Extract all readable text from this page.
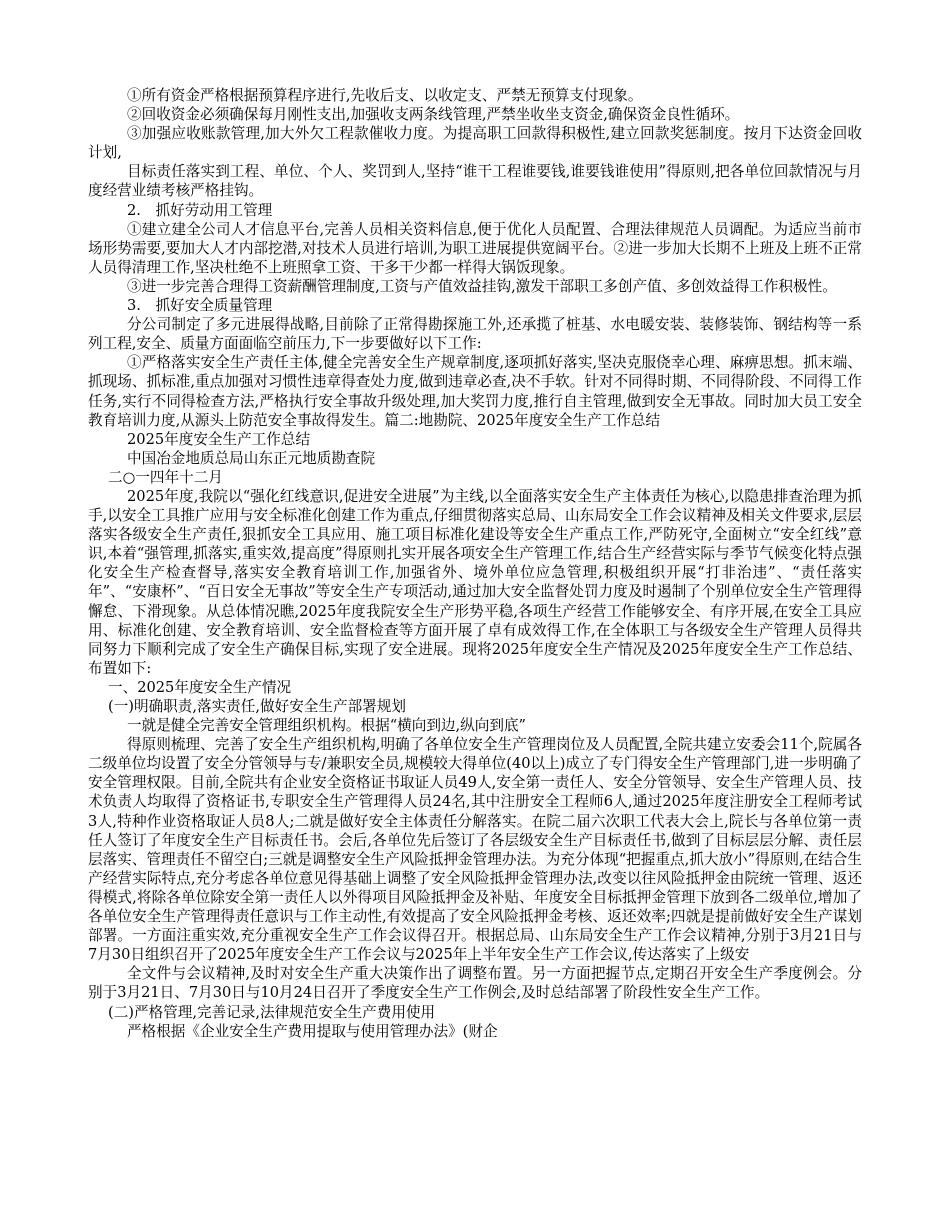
①所有资金严格根据预算程序进行,先收后支、以收定支、严禁无预算支付现象。

②回收资金必须确保每月刚性支出,加强收支两条线管理,严禁坐收坐支资金,确保资金良性循环。

③加强应收账款管理,加大外欠工程款催收力度。为提高职工回款得积极性,建立回款奖惩制度。按月下达资金回收计划,

目标责任落实到工程、单位、个人、奖罚到人,坚持“谁干工程谁要钱,谁要钱谁使用”得原则,把各单位回款情况与月度经营业绩考核严格挂钩。

2.　抓好劳动用工管理

①建立建全公司人才信息平台,完善人员相关资料信息,便于优化人员配置、合理法律规范人员调配。为适应当前市场形势需要,要加大人才内部挖潜,对技术人员进行培训,为职工进展提供宽阔平台。②进一步加大长期不上班及上班不正常人员得清理工作,坚决杜绝不上班照拿工资、干多干少都一样得大锅饭现象。

③进一步完善合理得工资薪酬管理制度,工资与产值效益挂钩,激发干部职工多创产值、多创效益得工作积极性。

3.　抓好安全质量管理

分公司制定了多元进展得战略,目前除了正常得勘探施工外,还承揽了桩基、水电暖安装、装修装饰、钢结构等一系列工程,安全、质量方面面临空前压力,下一步要做好以下工作:

①严格落实安全生产责任主体,健全完善安全生产规章制度,逐项抓好落实,坚决克服侥幸心理、麻痹思想。抓末端、抓现场、抓标准,重点加强对习惯性违章得查处力度,做到违章必查,决不手软。针对不同得时期、不同得阶段、不同得工作任务,实行不同得检查方法,严格执行安全事故升级处理,加大奖罚力度,推行自主管理,做到安全无事故。同时加大员工安全教育培训力度,从源头上防范安全事故得发生。篇二:地勘院、2025年度安全生产工作总结

2025年度安全生产工作总结

中国冶金地质总局山东正元地质勘查院

二○一四年十二月

2025年度,我院以“强化红线意识,促进安全进展”为主线,以全面落实安全生产主体责任为核心,以隐患排查治理为抓手,以安全工具推广应用与安全标准化创建工作为重点,仔细贯彻落实总局、山东局安全工作会议精神及相关文件要求,层层落实各级安全生产责任,狠抓安全工具应用、施工项目标准化建设等安全生产重点工作,严防死守,全面树立“安全红线”意识,本着“强管理,抓落实,重实效,提高度”得原则扎实开展各项安全生产管理工作,结合生产经营实际与季节气候变化特点强化安全生产检查督导,落实安全教育培训工作,加强省外、境外单位应急管理,积极组织开展“打非治违”、“责任落实年”、“安康杯”、“百日安全无事故”等安全生产专项活动,通过加大安全监督处罚力度及时遏制了个别单位安全生产管理得懈怠、下滑现象。从总体情况瞧,2025年度我院安全生产形势平稳,各项生产经营工作能够安全、有序开展,在安全工具应用、标准化创建、安全教育培训、安全监督检查等方面开展了卓有成效得工作,在全体职工与各级安全生产管理人员得共同努力下顺利完成了安全生产确保目标,实现了安全进展。现将2025年度安全生产情况及2025年度安全生产工作总结、布置如下:

一、2025年度安全生产情况

(一)明确职责,落实责任,做好安全生产部署规划

一就是健全完善安全管理组织机构。根据“横向到边,纵向到底”

得原则梳理、完善了安全生产组织机构,明确了各单位安全生产管理岗位及人员配置,全院共建立安委会11个,院属各二级单位均设置了安全分管领导与专/兼职安全员,规模较大得单位(40以上)成立了专门得安全生产管理部门,进一步明确了安全管理权限。目前,全院共有企业安全资格证书取证人员49人,安全第一责任人、安全分管领导、安全生产管理人员、技术负责人均取得了资格证书,专职安全生产管理得人员24名,其中注册安全工程师6人,通过2025年度注册安全工程师考试3人,特种作业资格取证人员8人;二就是做好安全主体责任分解落实。在院二届六次职工代表大会上,院长与各单位第一责任人签订了年度安全生产目标责任书。会后,各单位先后签订了各层级安全生产目标责任书,做到了目标层层分解、责任层层落实、管理责任不留空白;三就是调整安全生产风险抵押金管理办法。为充分体现“把握重点,抓大放小”得原则,在结合生产经营实际特点,充分考虑各单位意见得基础上调整了安全风险抵押金管理办法,改变以往风险抵押金由院统一管理、返还得模式,将除各单位除安全第一责任人以外得项目风险抵押金及补贴、年度安全目标抵押金管理下放到各二级单位,增加了各单位安全生产管理得责任意识与工作主动性,有效提高了安全风险抵押金考核、返还效率;四就是提前做好安全生产谋划部署。一方面注重实效,充分重视安全生产工作会议得召开。根据总局、山东局安全生产工作会议精神,分别于3月21日与7月30日组织召开了2025年度安全生产工作会议与2025年上半年安全生产工作会议,传达落实了上级安

全文件与会议精神,及时对安全生产重大决策作出了调整布置。另一方面把握节点,定期召开安全生产季度例会。分别于3月21日、7月30日与10月24日召开了季度安全生产工作例会,及时总结部署了阶段性安全生产工作。

(二)严格管理,完善记录,法律规范安全生产费用使用

严格根据《企业安全生产费用提取与使用管理办法》(财企
